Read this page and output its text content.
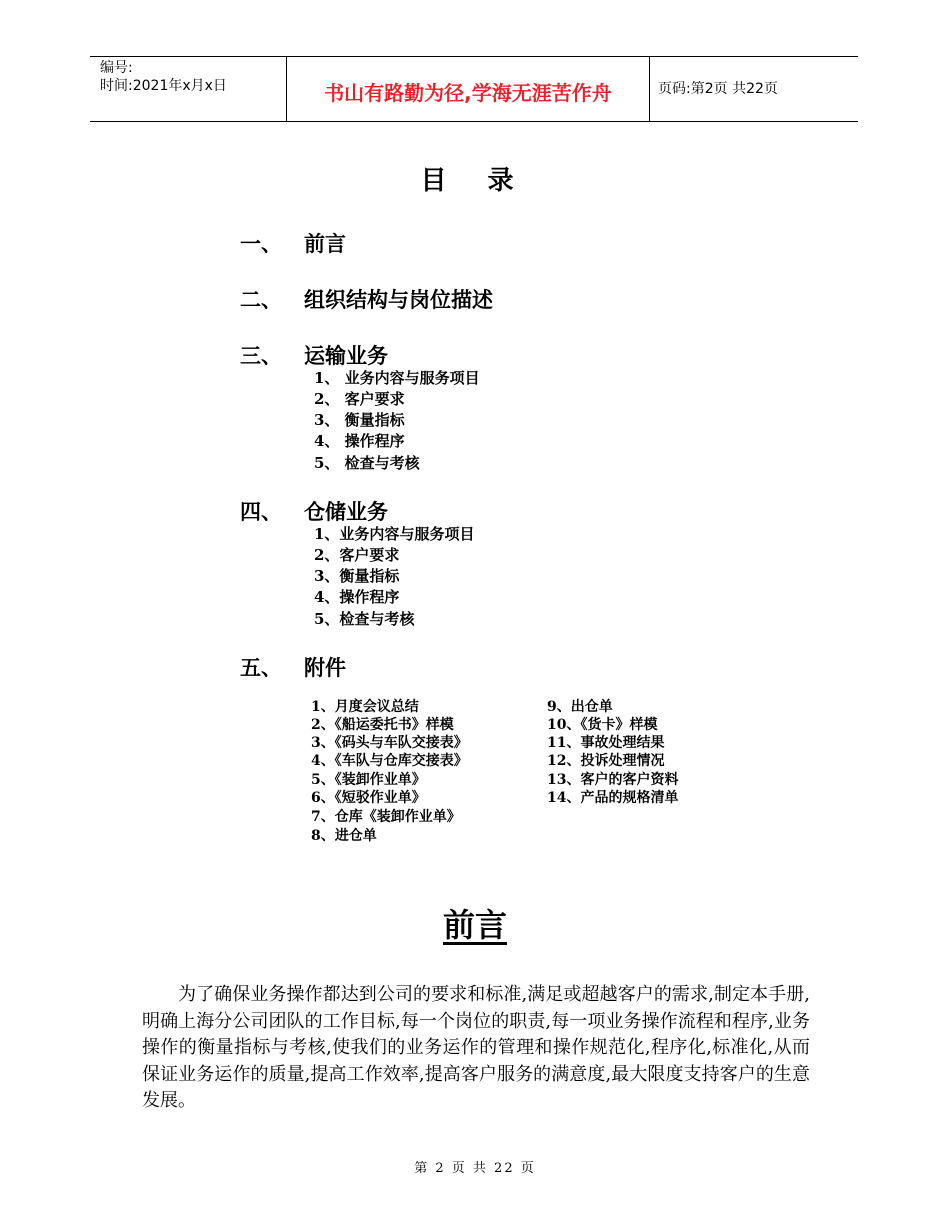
编号:
时间:2021年x月x日	书山有路勤为径,学海无涯苦作舟	页码:第2页 共22页
目 录
一、 前言
二、 组织结构与岗位描述
三、 运输业务
1、 业务内容与服务项目
2、 客户要求
3、 衡量指标
4、 操作程序
5、 检查与考核
四、 仓储业务
1、业务内容与服务项目
2、客户要求
3、衡量指标
4、操作程序
5、检查与考核
五、 附件
1、月度会议总结
2、《船运委托书》样模
3、《码头与车队交接表》
4、《车队与仓库交接表》
5、《装卸作业单》
6、《短驳作业单》
7、仓库《装卸作业单》
8、进仓单
9、出仓单
10、《货卡》样模
11、事故处理结果
12、投诉处理情况
13、客户的客户资料
14、产品的规格清单
前言
为了确保业务操作都达到公司的要求和标准,满足或超越客户的需求,制定本手册,明确上海分公司团队的工作目标,每一个岗位的职责,每一项业务操作流程和程序,业务操作的衡量指标与考核,使我们的业务运作的管理和操作规范化,程序化,标准化,从而保证业务运作的质量,提高工作效率,提高客户服务的满意度,最大限度支持客户的生意发展。
第 2 页 共 22 页
